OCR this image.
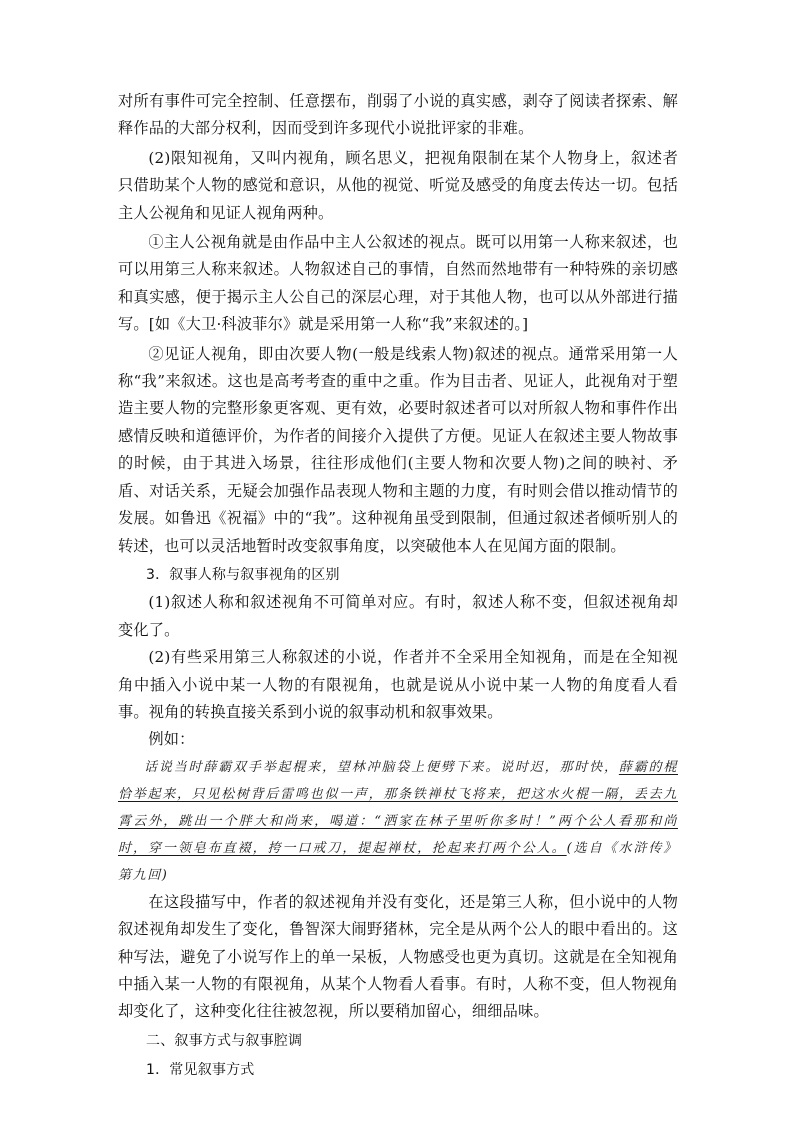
对所有事件可完全控制、任意摆布，削弱了小说的真实感，剥夺了阅读者探索、解释作品的大部分权利，因而受到许多现代小说批评家的非难。

(2)限知视角，又叫内视角，顾名思义，把视角限制在某个人物身上，叙述者只借助某个人物的感觉和意识，从他的视觉、听觉及感受的角度去传达一切。包括主人公视角和见证人视角两种。

①主人公视角就是由作品中主人公叙述的视点。既可以用第一人称来叙述，也可以用第三人称来叙述。人物叙述自己的事情，自然而然地带有一种特殊的亲切感和真实感，便于揭示主人公自己的深层心理，对于其他人物，也可以从外部进行描写。[如《大卫·科波菲尔》就是采用第一人称“我”来叙述的。]

②见证人视角，即由次要人物(一般是线索人物)叙述的视点。通常采用第一人称“我”来叙述。这也是高考考查的重中之重。作为目击者、见证人，此视角对于塑造主要人物的完整形象更客观、更有效，必要时叙述者可以对所叙人物和事件作出感情反映和道德评价，为作者的间接介入提供了方便。见证人在叙述主要人物故事的时候，由于其进入场景，往往形成他们(主要人物和次要人物)之间的映衬、矛盾、对话关系，无疑会加强作品表现人物和主题的力度，有时则会借以推动情节的发展。如鲁迅《祝福》中的“我”。这种视角虽受到限制，但通过叙述者倾听别人的转述，也可以灵活地暂时改变叙事角度，以突破他本人在见闻方面的限制。

3．叙事人称与叙事视角的区别

(1)叙述人称和叙述视角不可简单对应。有时，叙述人称不变，但叙述视角却变化了。

(2)有些采用第三人称叙述的小说，作者并不全采用全知视角，而是在全知视角中插入小说中某一人物的有限视角，也就是说从小说中某一人物的角度看人看事。视角的转换直接关系到小说的叙事动机和叙事效果。

例如：

话说当时薛霸双手举起棍来，望林冲脑袋上便劈下来。说时迟，那时快，薛霸的棍恰举起来，只见松树背后雷鸣也似一声，那条铁禅杖飞将来，把这水火棍一隔，丢去九霄云外，跳出一个胖大和尚来，喝道：“洒家在林子里听你多时！”两个公人看那和尚时，穿一领皂布直裰，挎一口戒刀，提起禅杖，抡起来打两个公人。(选自《水浒传》第九回)

在这段描写中，作者的叙述视角并没有变化，还是第三人称，但小说中的人物叙述视角却发生了变化，鲁智深大闹野猪林，完全是从两个公人的眼中看出的。这种写法，避免了小说写作上的单一呆板，人物感受也更为真切。这就是在全知视角中插入某一人物的有限视角，从某个人物看人看事。有时，人称不变，但人物视角却变化了，这种变化往往被忽视，所以要稍加留心，细细品味。

二、叙事方式与叙事腔调

1．常见叙事方式
